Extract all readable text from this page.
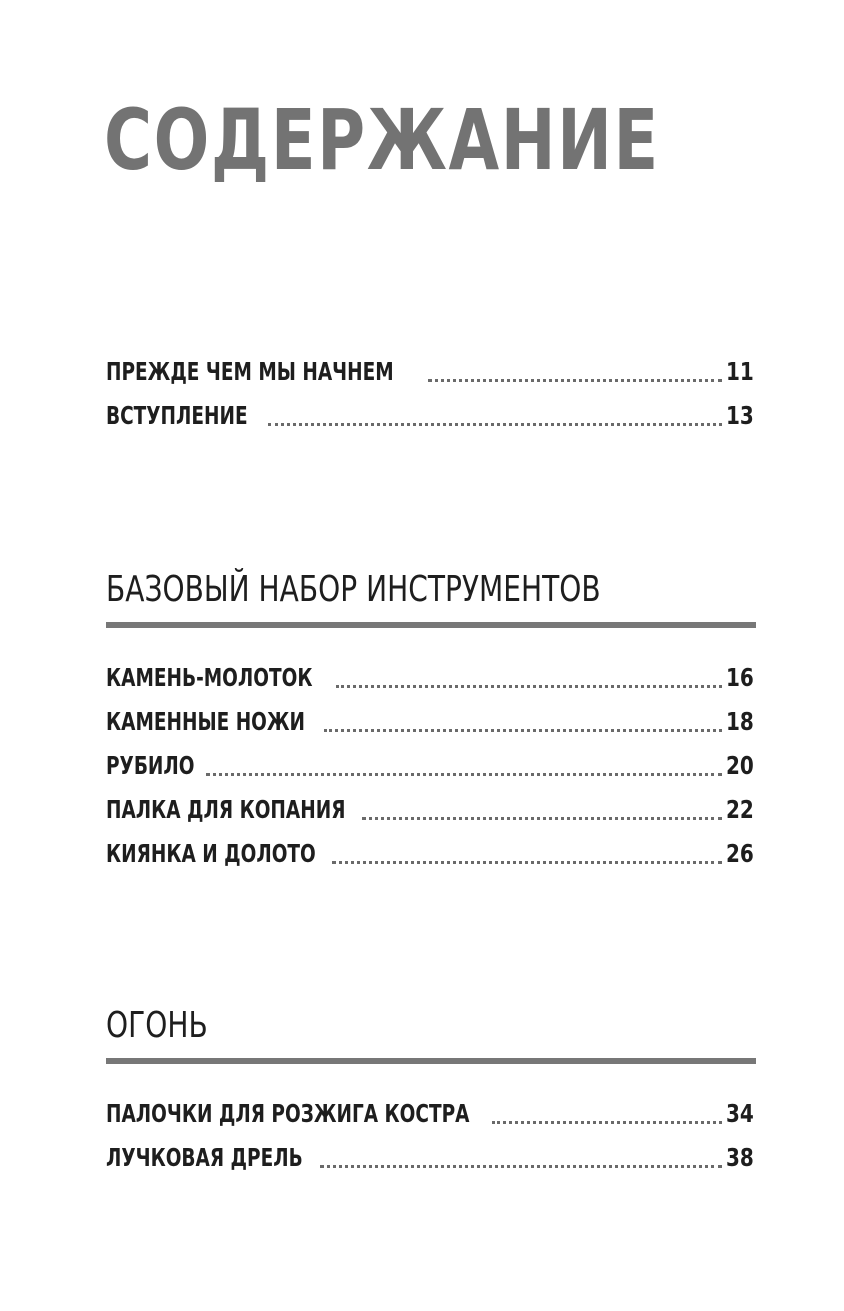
СОДЕРЖАНИЕ
ПРЕЖДЕ ЧЕМ МЫ НАЧНЕМ	11
ВСТУПЛЕНИЕ	13
БАЗОВЫЙ НАБОР ИНСТРУМЕНТОВ
КАМЕНЬ-МОЛОТОК	16
КАМЕННЫЕ НОЖИ	18
РУБИЛО	20
ПАЛКА ДЛЯ КОПАНИЯ	22
КИЯНКА И ДОЛОТО	26
ОГОНЬ
ПАЛОЧКИ ДЛЯ РОЗЖИГА КОСТРА	34
ЛУЧКОВАЯ ДРЕЛЬ	38
